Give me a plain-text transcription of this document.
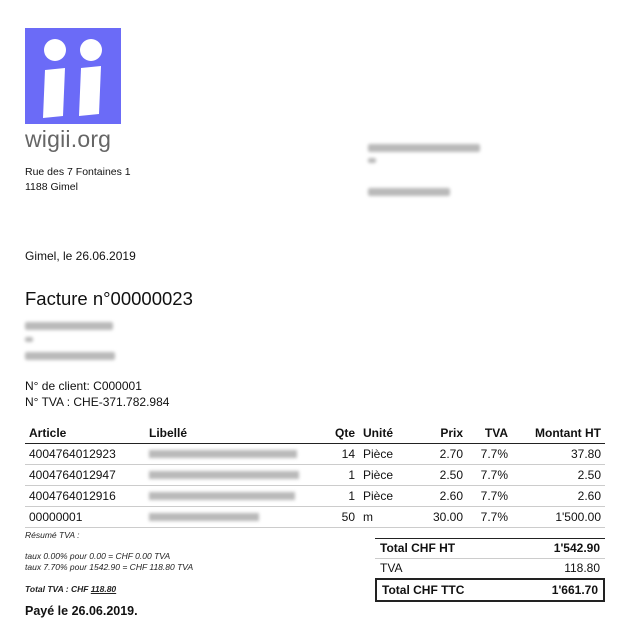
wigii.org
Rue des 7 Fontaines 1
1188 Gimel
Gimel, le 26.06.2019
Facture n°00000023
N° de client: C000001
N° TVA : CHE-371.782.984
Article	Libellé	Qte	Unité	Prix	TVA	Montant HT
4004764012923		14	Pièce	2.70	7.7%	37.80
4004764012947		1	Pièce	2.50	7.7%	2.50
4004764012916		1	Pièce	2.60	7.7%	2.60
00000001		50	m	30.00	7.7%	1'500.00
Résumé TVA :
taux 0.00% pour 0.00 = CHF 0.00 TVA
taux 7.70% pour 1542.90 = CHF 118.80 TVA
Total TVA : CHF 118.80
Total CHF HT	1'542.90
TVA	118.80
Total CHF TTC	1'661.70
Payé le 26.06.2019.
